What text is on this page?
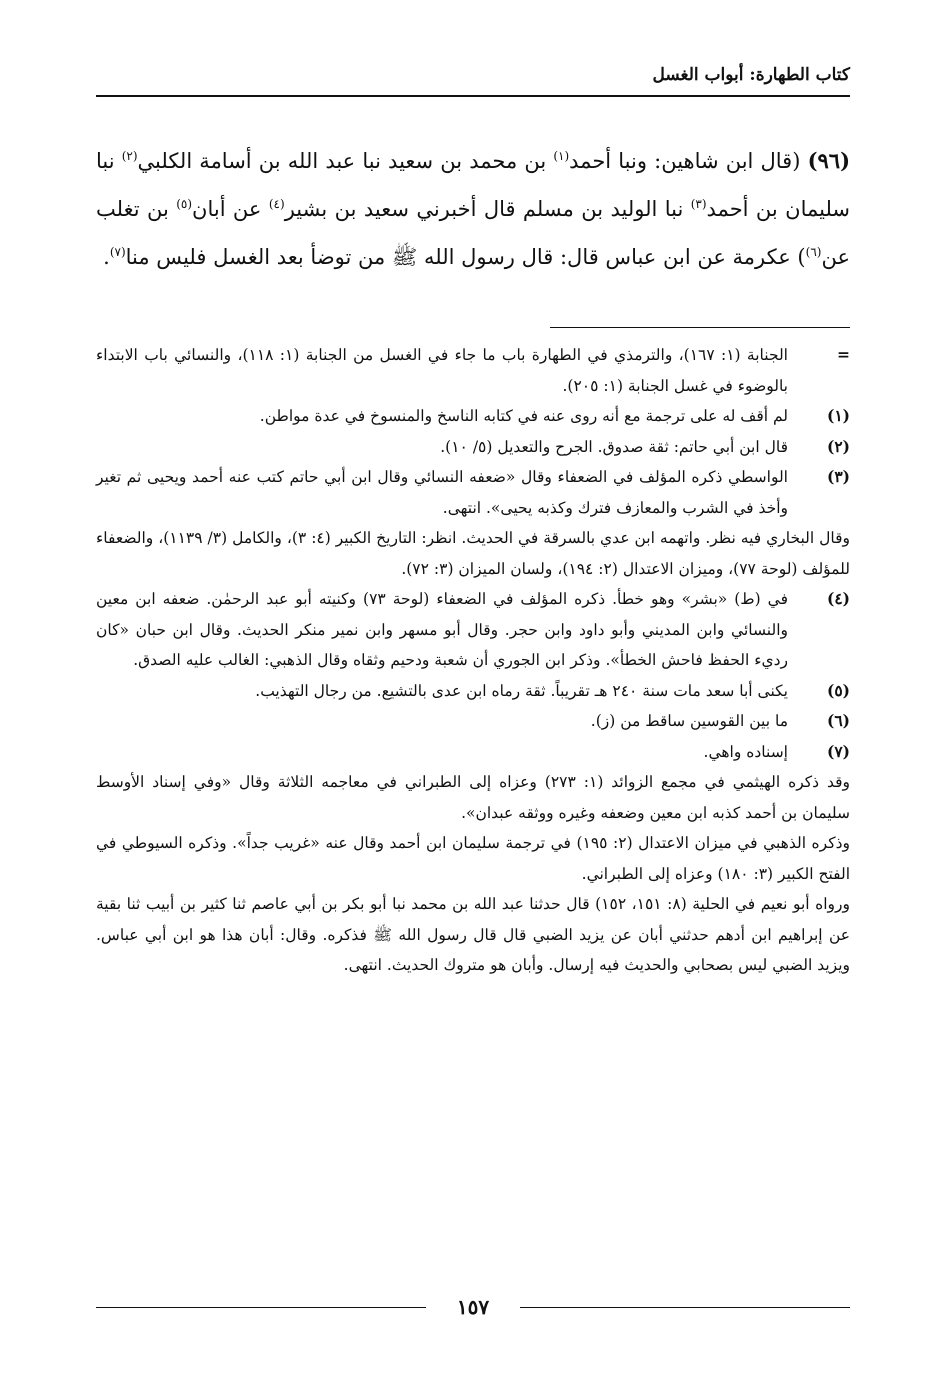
كتاب الطهارة: أبواب الغسل

(٩٦) (قال ابن شاهين: ونبا أحمد$^{(١)}$ بن محمد بن سعيد نبا عبد الله بن أسامة الكلبي$^{(٢)}$ نبا سليمان بن أحمد$^{(٣)}$ نبا الوليد بن مسلم قال أخبرني سعيد بن بشير$^{(٤)}$ عن أبان$^{(٥)}$ بن تغلب عن$^{(٦)}$) عكرمة عن ابن عباس قال: قال رسول الله ﷺ من توضأ بعد الغسل فليس منا$^{(٧)}$.

=
الجنابة (١: ١٦٧)، والترمذي في الطهارة باب ما جاء في الغسل من الجنابة (١: ١١٨)، والنسائي باب الابتداء بالوضوء في غسل الجنابة (١: ٢٠٥).
(١)
لم أقف له على ترجمة مع أنه روى عنه في كتابه الناسخ والمنسوخ في عدة مواطن.
(٢)
قال ابن أبي حاتم: ثقة صدوق. الجرح والتعديل (٥/ ١٠).
(٣)
الواسطي ذكره المؤلف في الضعفاء وقال «ضعفه النسائي وقال ابن أبي حاتم كتب عنه أحمد ويحيى ثم تغير وأخذ في الشرب والمعازف فترك وكذبه يحيى». انتهى.

وقال البخاري فيه نظر. واتهمه ابن عدي بالسرقة في الحديث. انظر: التاريخ الكبير (٤: ٣)، والكامل (٣/ ١١٣٩)، والضعفاء للمؤلف (لوحة ٧٧)، وميزان الاعتدال (٢: ١٩٤)، ولسان الميزان (٣: ٧٢).

(٤)
في (ط) «بشر» وهو خطأ. ذكره المؤلف في الضعفاء (لوحة ٧٣) وكنيته أبو عبد الرحمٰن. ضعفه ابن معين والنسائي وابن المديني وأبو داود وابن حجر. وقال أبو مسهر وابن نمير منكر الحديث. وقال ابن حبان «كان رديء الحفظ فاحش الخطأ». وذكر ابن الجوري أن شعبة ودحيم وثقاه وقال الذهبي: الغالب عليه الصدق.
(٥)
يكنى أبا سعد مات سنة ٢٤٠ هـ تقريباً. ثقة رماه ابن عدى بالتشيع. من رجال التهذيب.
(٦)
ما بين القوسين ساقط من (ز).
(٧)
إسناده واهي.

وقد ذكره الهيثمي في مجمع الزوائد (١: ٢٧٣) وعزاه إلى الطبراني في معاجمه الثلاثة وقال «وفي إسناد الأوسط سليمان بن أحمد كذبه ابن معين وضعفه وغيره ووثقه عبدان».

وذكره الذهبي في ميزان الاعتدال (٢: ١٩٥) في ترجمة سليمان ابن أحمد وقال عنه «غريب جداً». وذكره السيوطي في الفتح الكبير (٣: ١٨٠) وعزاه إلى الطبراني.

ورواه أبو نعيم في الحلية (٨: ١٥١، ١٥٢) قال حدثنا عبد الله بن محمد نبا أبو بكر بن أبي عاصم ثنا كثير بن أبيب ثنا بقية عن إبراهيم ابن أدهم حدثني أبان عن يزيد الضبي قال قال رسول الله ﷺ فذكره. وقال: أبان هذا هو ابن أبي عباس. ويزيد الضبي ليس بصحابي والحديث فيه إرسال. وأبان هو متروك الحديث. انتهى.

١٥٧
